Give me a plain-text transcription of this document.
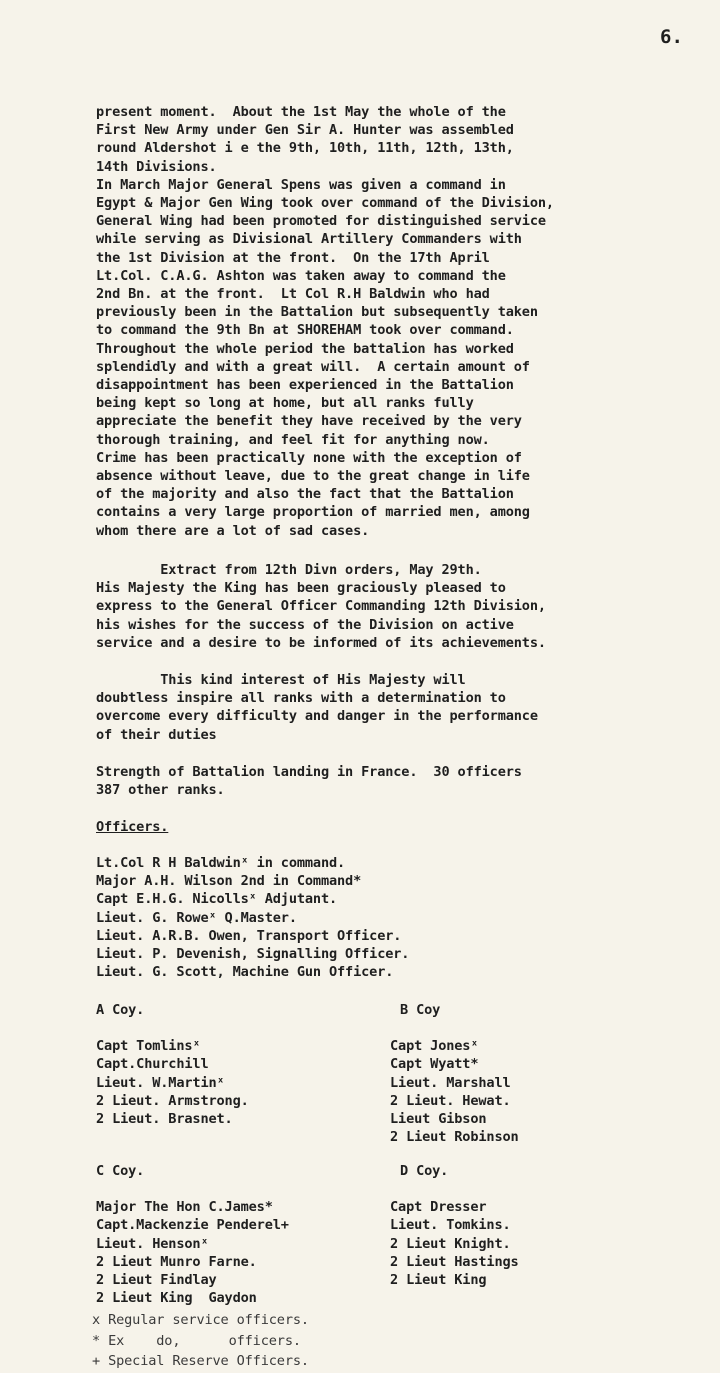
6.
present moment.  About the 1st May the whole of the
First New Army under Gen Sir A. Hunter was assembled
round Aldershot i e the 9th, 10th, 11th, 12th, 13th,
14th Divisions.
In March Major General Spens was given a command in
Egypt & Major Gen Wing took over command of the Division,
General Wing had been promoted for distinguished service
while serving as Divisional Artillery Commanders with
the 1st Division at the front.  On the 17th April
Lt.Col. C.A.G. Ashton was taken away to command the
2nd Bn. at the front.  Lt Col R.H Baldwin who had
previously been in the Battalion but subsequently taken
to command the 9th Bn at SHOREHAM took over command.
Throughout the whole period the battalion has worked
splendidly and with a great will.  A certain amount of
disappointment has been experienced in the Battalion
being kept so long at home, but all ranks fully
appreciate the benefit they have received by the very
thorough training, and feel fit for anything now.
Crime has been practically none with the exception of
absence without leave, due to the great change in life
of the majority and also the fact that the Battalion
contains a very large proportion of married men, among
whom there are a lot of sad cases.
Extract from 12th Divn orders, May 29th.
His Majesty the King has been graciously pleased to
express to the General Officer Commanding 12th Division,
his wishes for the success of the Division on active
service and a desire to be informed of its achievements.
This kind interest of His Majesty will
doubtless inspire all ranks with a determination to
overcome every difficulty and danger in the performance
of their duties
Strength of Battalion landing in France.  30 officers
387 other ranks.
Officers.
Lt.Col R H Baldwinˣ in command.
Major A.H. Wilson 2nd in Command*
Capt E.H.G. Nicollsˣ Adjutant.
Lieut. G. Roweˣ Q.Master.
Lieut. A.R.B. Owen, Transport Officer.
Lieut. P. Devenish, Signalling Officer.
Lieut. G. Scott, Machine Gun Officer.
A Coy.
Capt Tomlinsˣ
Capt.Churchill
Lieut. W.Martinˣ
2 Lieut. Armstrong.
2 Lieut. Brasnet.
B Coy
Capt Jonesˣ
Capt Wyatt*
Lieut. Marshall
2 Lieut. Hewat.
Lieut Gibson
2 Lieut Robinson
C Coy.
Major The Hon C.James*
Capt.Mackenzie Penderel+
Lieut. Hensonˣ
2 Lieut Munro Farne.
2 Lieut Findlay
2 Lieut King  Gaydon
D Coy.
Capt Dresser
Lieut. Tomkins.
2 Lieut Knight.
2 Lieut Hastings
2 Lieut King
x Regular service officers.
* Ex    do,      officers.
+ Special Reserve Officers.
